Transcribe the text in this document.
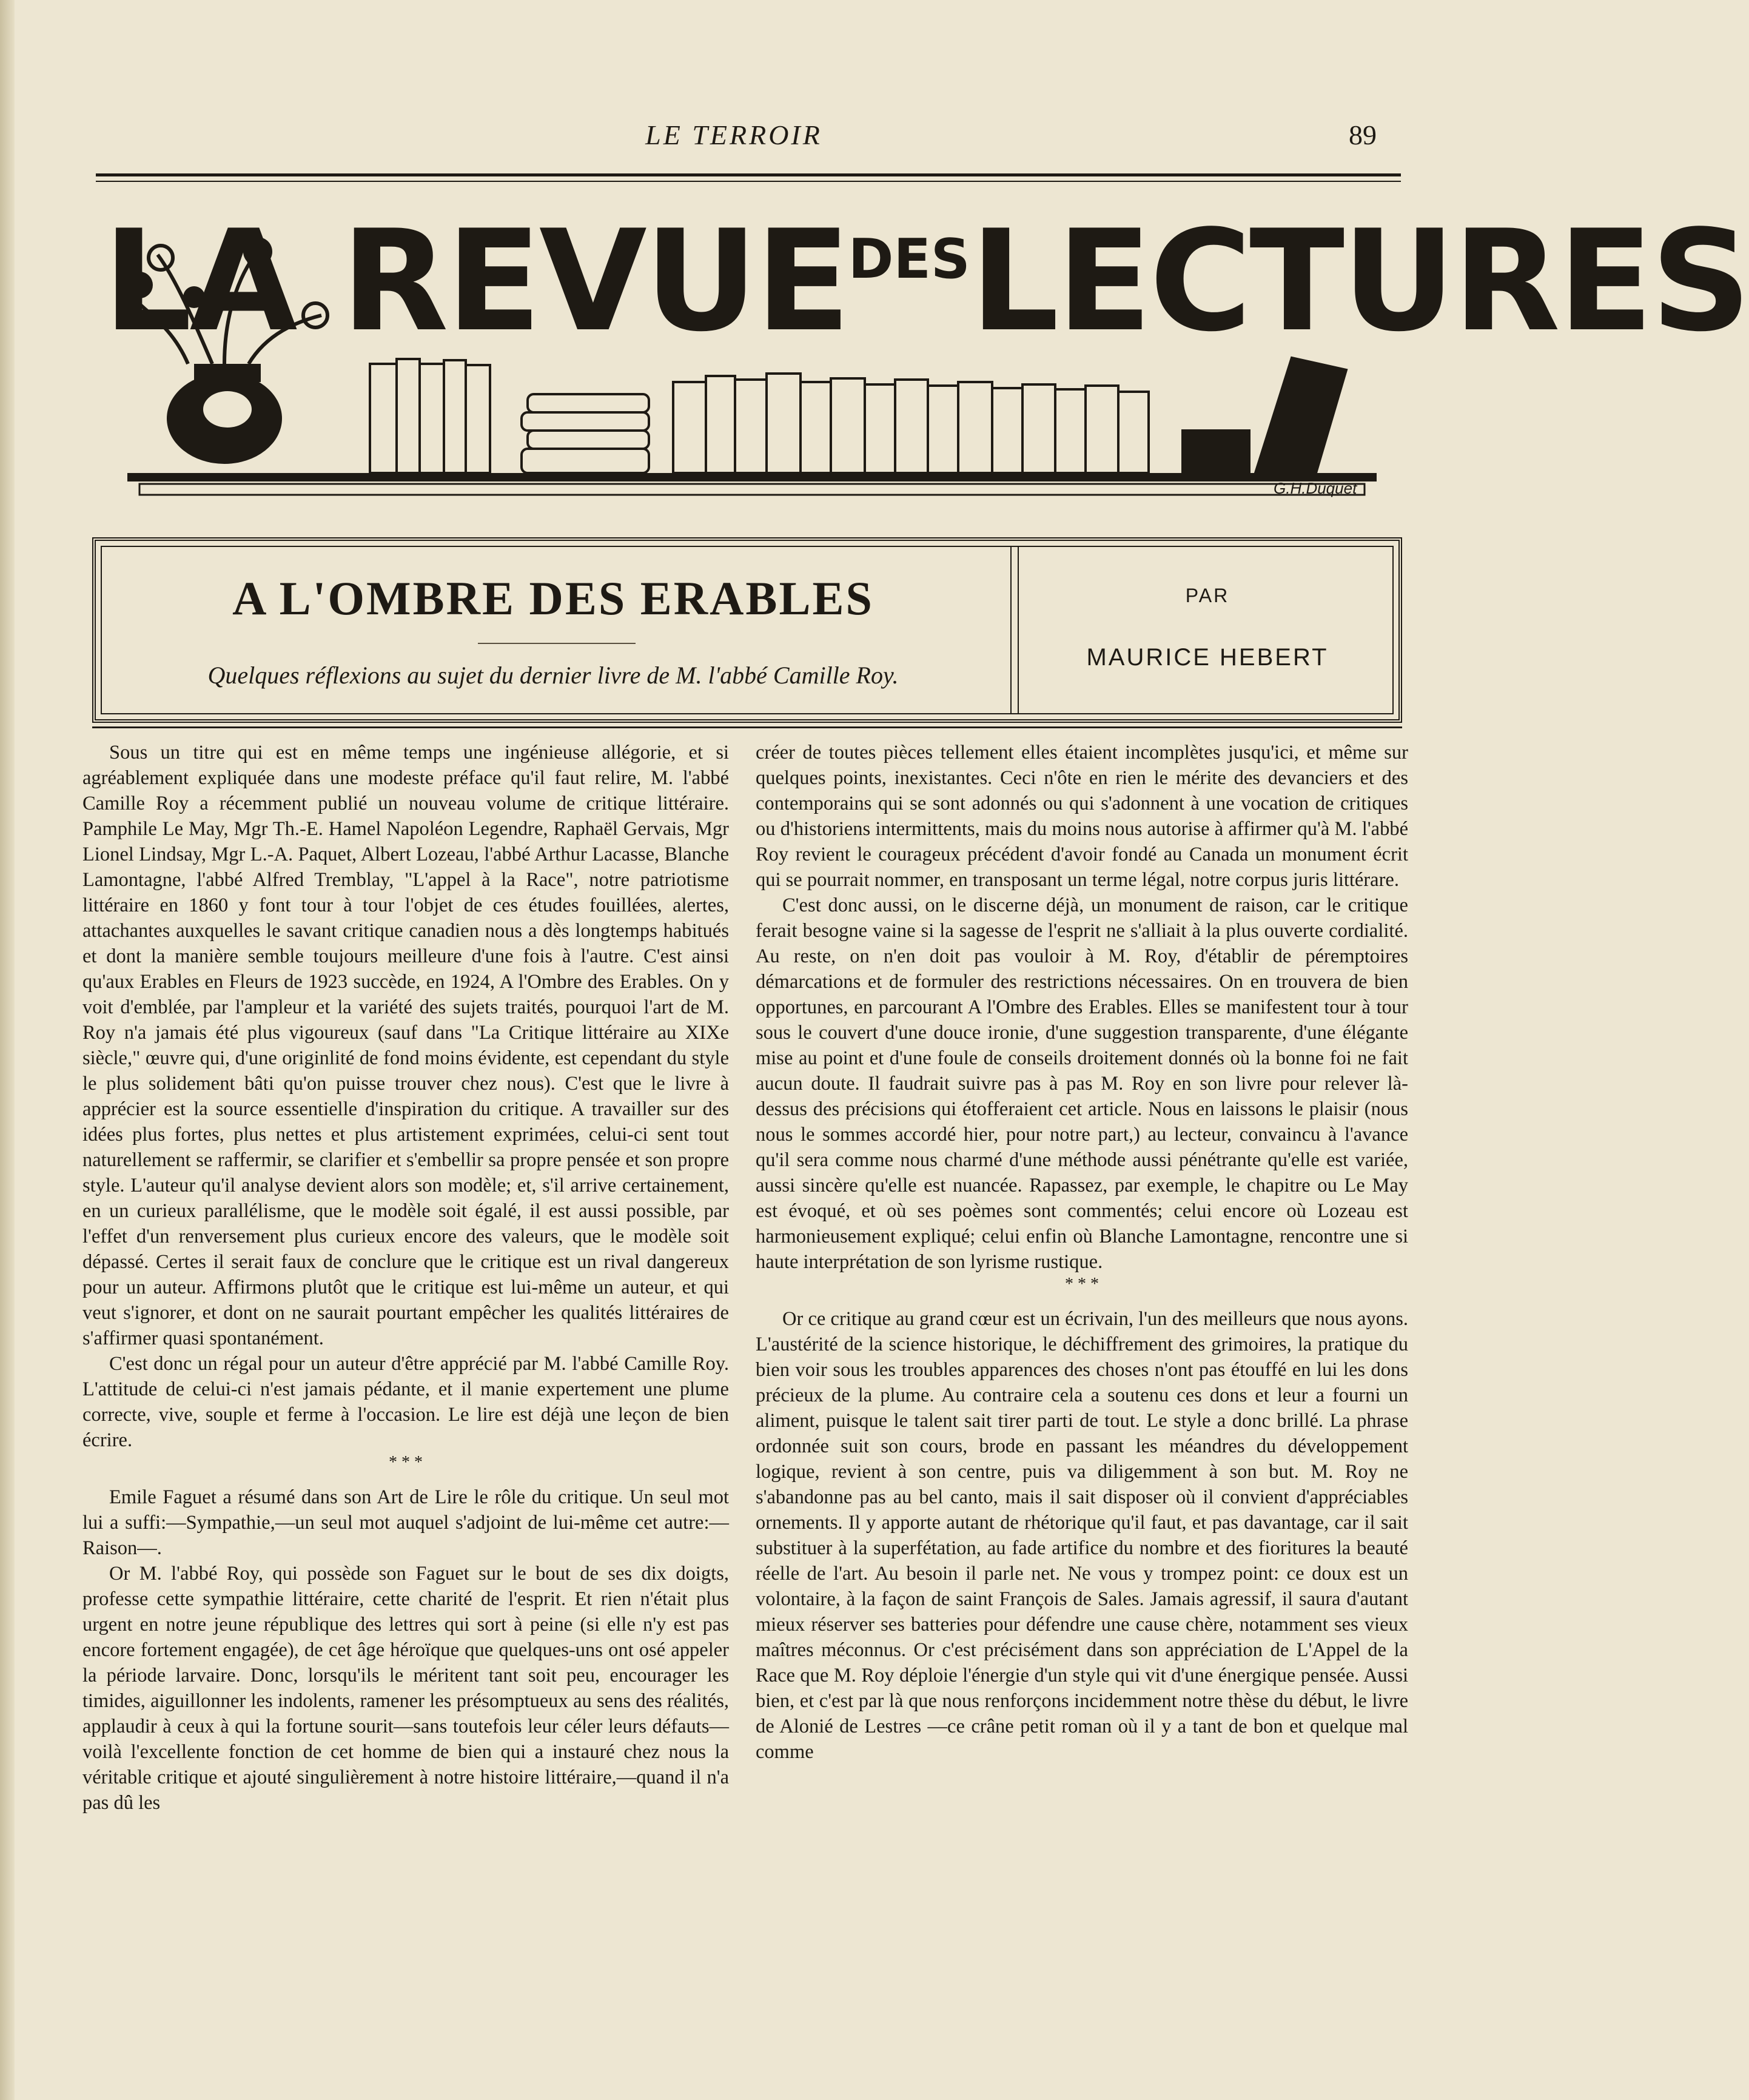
LE TERROIR	89
LA $REVUE^{DES}LECTURES$
G.H.Duquet
A L'OMBRE DES ERABLES
Quelques réflexions au sujet du dernier livre de M. l'abbé Camille Roy.
PAR
MAURICE HEBERT

Sous un titre qui est en même temps une ingénieuse allégorie, et si agréablement expliquée dans une modeste préface qu'il faut relire, M. l'abbé Camille Roy a récemment publié un nouveau volume de critique littéraire. Pamphile Le May, Mgr Th.-E. Hamel Napoléon Legendre, Raphaël Gervais, Mgr Lionel Lindsay, Mgr L.-A. Paquet, Albert Lozeau, l'abbé Arthur Lacasse, Blanche Lamontagne, l'abbé Alfred Tremblay, "L'appel à la Race", notre patriotisme littéraire en 1860 y font tour à tour l'objet de ces études fouillées, alertes, attachantes auxquelles le savant critique canadien nous a dès longtemps habitués et dont la manière semble toujours meilleure d'une fois à l'autre. C'est ainsi qu'aux Erables en Fleurs de 1923 succède, en 1924, A l'Ombre des Erables. On y voit d'emblée, par l'ampleur et la variété des sujets traités, pourquoi l'art de M. Roy n'a jamais été plus vigoureux (sauf dans "La Critique littéraire au XIXe siècle," œuvre qui, d'une originlité de fond moins évidente, est cependant du style le plus solidement bâti qu'on puisse trouver chez nous). C'est que le livre à apprécier est la source essentielle d'inspiration du critique. A travailler sur des idées plus fortes, plus nettes et plus artistement exprimées, celui-ci sent tout naturellement se raffermir, se clarifier et s'embellir sa propre pensée et son propre style. L'auteur qu'il analyse devient alors son modèle; et, s'il arrive certainement, en un curieux parallélisme, que le modèle soit égalé, il est aussi possible, par l'effet d'un renversement plus curieux encore des valeurs, que le modèle soit dépassé. Certes il serait faux de conclure que le critique est un rival dangereux pour un auteur. Affirmons plutôt que le critique est lui-même un auteur, et qui veut s'ignorer, et dont on ne saurait pourtant empêcher les qualités littéraires de s'affirmer quasi spontanément.

C'est donc un régal pour un auteur d'être apprécié par M. l'abbé Camille Roy. L'attitude de celui-ci n'est jamais pédante, et il manie expertement une plume correcte, vive, souple et ferme à l'occasion. Le lire est déjà une leçon de bien écrire.

* * *

Emile Faguet a résumé dans son Art de Lire le rôle du critique. Un seul mot lui a suffi:—Sympathie,—un seul mot auquel s'adjoint de lui-même cet autre:—Raison—.

Or M. l'abbé Roy, qui possède son Faguet sur le bout de ses dix doigts, professe cette sympathie littéraire, cette charité de l'esprit. Et rien n'était plus urgent en notre jeune république des lettres qui sort à peine (si elle n'y est pas encore fortement engagée), de cet âge héroïque que quelques-uns ont osé appeler la période larvaire. Donc, lorsqu'ils le méritent tant soit peu, encourager les timides, aiguillonner les indolents, ramener les présomptueux au sens des réalités, applaudir à ceux à qui la fortune sourit—sans toutefois leur céler leurs défauts—voilà l'excellente fonction de cet homme de bien qui a instauré chez nous la véritable critique et ajouté singulièrement à notre histoire littéraire,—quand il n'a pas dû les

créer de toutes pièces tellement elles étaient incomplètes jusqu'ici, et même sur quelques points, inexistantes. Ceci n'ôte en rien le mérite des devanciers et des contemporains qui se sont adonnés ou qui s'adonnent à une vocation de critiques ou d'historiens intermittents, mais du moins nous autorise à affirmer qu'à M. l'abbé Roy revient le courageux précédent d'avoir fondé au Canada un monument écrit qui se pourrait nommer, en transposant un terme légal, notre corpus juris littérare.

C'est donc aussi, on le discerne déjà, un monument de raison, car le critique ferait besogne vaine si la sagesse de l'esprit ne s'alliait à la plus ouverte cordialité. Au reste, on n'en doit pas vouloir à M. Roy, d'établir de péremptoires démarcations et de formuler des restrictions nécessaires. On en trouvera de bien opportunes, en parcourant A l'Ombre des Erables. Elles se manifestent tour à tour sous le couvert d'une douce ironie, d'une suggestion transparente, d'une élégante mise au point et d'une foule de conseils droitement donnés où la bonne foi ne fait aucun doute. Il faudrait suivre pas à pas M. Roy en son livre pour relever là-dessus des précisions qui étofferaient cet article. Nous en laissons le plaisir (nous nous le sommes accordé hier, pour notre part,) au lecteur, convaincu à l'avance qu'il sera comme nous charmé d'une méthode aussi pénétrante qu'elle est variée, aussi sincère qu'elle est nuancée. Rapassez, par exemple, le chapitre ou Le May est évoqué, et où ses poèmes sont commentés; celui encore où Lozeau est harmonieusement expliqué; celui enfin où Blanche Lamontagne, rencontre une si haute interprétation de son lyrisme rustique.

* * *

Or ce critique au grand cœur est un écrivain, l'un des meilleurs que nous ayons. L'austérité de la science historique, le déchiffrement des grimoires, la pratique du bien voir sous les troubles apparences des choses n'ont pas étouffé en lui les dons précieux de la plume. Au contraire cela a soutenu ces dons et leur a fourni un aliment, puisque le talent sait tirer parti de tout. Le style a donc brillé. La phrase ordonnée suit son cours, brode en passant les méandres du développement logique, revient à son centre, puis va diligemment à son but. M. Roy ne s'abandonne pas au bel canto, mais il sait disposer où il convient d'appréciables ornements. Il y apporte autant de rhétorique qu'il faut, et pas davantage, car il sait substituer à la superfétation, au fade artifice du nombre et des fioritures la beauté réelle de l'art. Au besoin il parle net. Ne vous y trompez point: ce doux est un volontaire, à la façon de saint François de Sales. Jamais agressif, il saura d'autant mieux réserver ses batteries pour défendre une cause chère, notamment ses vieux maîtres méconnus. Or c'est précisément dans son appréciation de L'Appel de la Race que M. Roy déploie l'énergie d'un style qui vit d'une énergique pensée. Aussi bien, et c'est par là que nous renforçons incidemment notre thèse du début, le livre de Alonié de Lestres —ce crâne petit roman où il y a tant de bon et quelque mal comme
